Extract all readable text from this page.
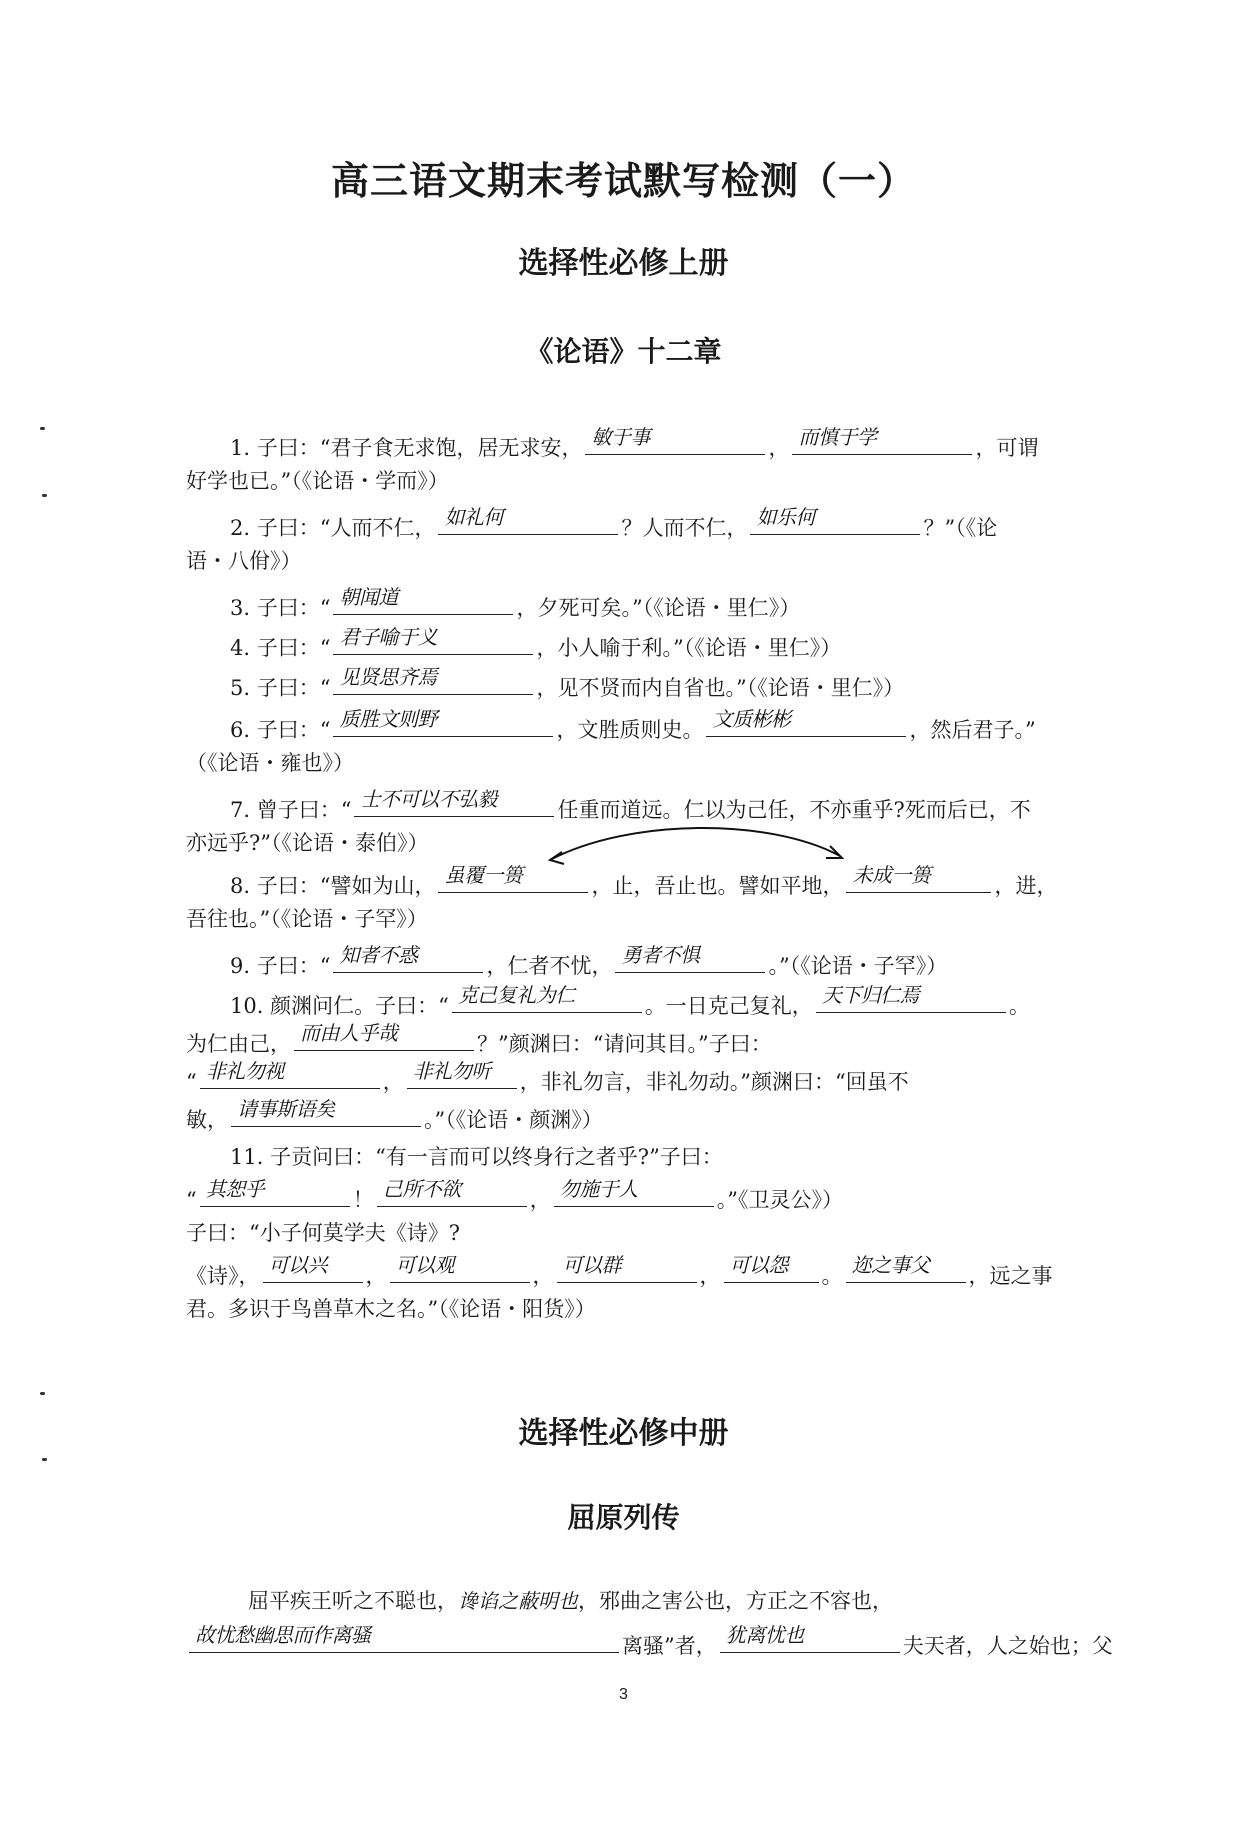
高三语文期末考试默写检测（一）
选择性必修上册
《论语》十二章
1. 子曰：“君子食无求饱，居无求安， 敏于事	， 而慎于学	，可谓
好学也已。”（《论语・学而》）
2. 子曰：“人而不仁， 如礼何	？人而不仁， 如乐何	？”（《论
语・八佾》）
3. 子曰：“ 朝闻道	，夕死可矣。”（《论语・里仁》）
4. 子曰：“ 君子喻于义	，小人喻于利。”（《论语・里仁》）
5. 子曰：“ 见贤思齐焉	，见不贤而内自省也。”（《论语・里仁》）
6. 子曰：“ 质胜文则野	，文胜质则史。 文质彬彬	，然后君子。”
（《论语・雍也》）
7. 曾子曰：“ 士不可以不弘毅	任重而道远。仁以为己任，不亦重乎?死而后已，不
亦远乎?”（《论语・泰伯》）
8. 子曰：“譬如为山， 虽覆一篑	，止，吾止也。譬如平地， 未成一篑	，进，
吾往也。”（《论语・子罕》）
9. 子曰：“ 知者不惑	，仁者不忧， 勇者不惧	。”（《论语・子罕》）
10. 颜渊问仁。子曰：“ 克己复礼为仁	。一日克己复礼， 天下归仁焉	。
为仁由己， 而由人乎哉	？”颜渊曰：“请问其目。”子曰：
“ 非礼勿视	， 非礼勿听 ，非礼勿言，非礼勿动。”颜渊曰：“回虽不
敏， 请事斯语矣	。”（《论语・颜渊》）
11. 子贡问曰：“有一言而可以终身行之者乎?”子曰：
“ 其恕乎	！ 己所不欲	， 勿施于人	。”《卫灵公》）
子曰：“小子何莫学夫《诗》?
《诗》， 可以兴 ， 可以观	， 可以群	， 可以怨 。 迩之事父 ，远之事
君。多识于鸟兽草木之名。”（《论语・阳货》）
选择性必修中册
屈原列传
屈平疾王听之不聪也，谗谄之蔽明也，邪曲之害公也，方正之不容也，
故忧愁幽思而作离骚	离骚”者， 犹离忧也	夫天者，人之始也；父
3
